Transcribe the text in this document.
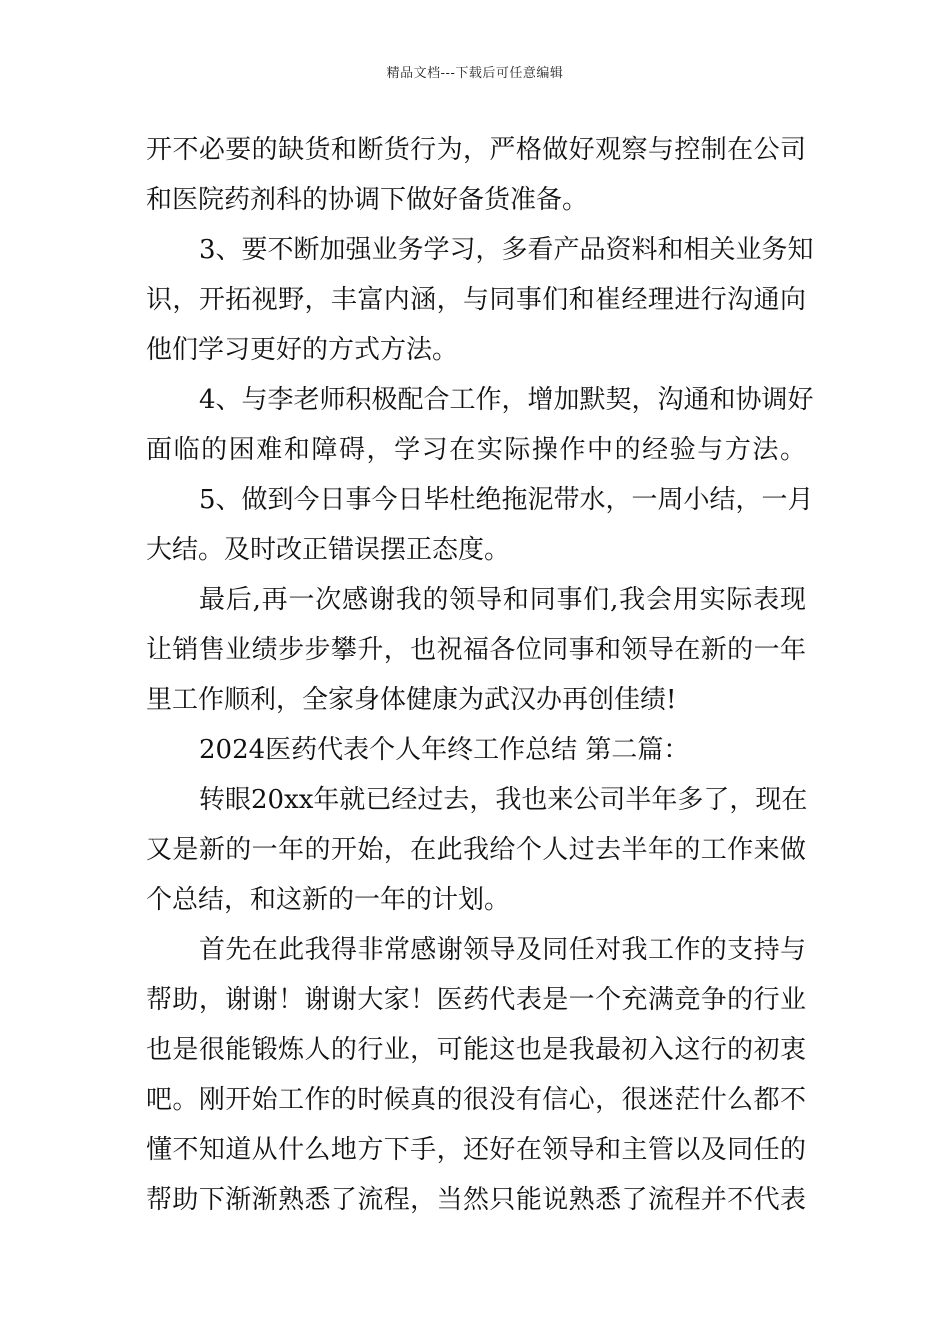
精品文档---下载后可任意编辑
开不必要的缺货和断货行为，严格做好观察与控制在公司
和医院药剂科的协调下做好备货准备。
3、要不断加强业务学习，多看产品资料和相关业务知
识，开拓视野，丰富内涵，与同事们和崔经理进行沟通向
他们学习更好的方式方法。
4、与李老师积极配合工作，增加默契，沟通和协调好
面临的困难和障碍，学习在实际操作中的经验与方法。
5、做到今日事今日毕杜绝拖泥带水，一周小结，一月
大结。及时改正错误摆正态度。
最后,再一次感谢我的领导和同事们,我会用实际表现
让销售业绩步步攀升，也祝福各位同事和领导在新的一年
里工作顺利，全家身体健康为武汉办再创佳绩!
2024医药代表个人年终工作总结 第二篇：
转眼20xx年就已经过去，我也来公司半年多了，现在
又是新的一年的开始，在此我给个人过去半年的工作来做
个总结，和这新的一年的计划。
首先在此我得非常感谢领导及同任对我工作的支持与
帮助，谢谢！谢谢大家！医药代表是一个充满竞争的行业
也是很能锻炼人的行业，可能这也是我最初入这行的初衷
吧。刚开始工作的时候真的很没有信心，很迷茫什么都不
懂不知道从什么地方下手，还好在领导和主管以及同任的
帮助下渐渐熟悉了流程，当然只能说熟悉了流程并不代表
